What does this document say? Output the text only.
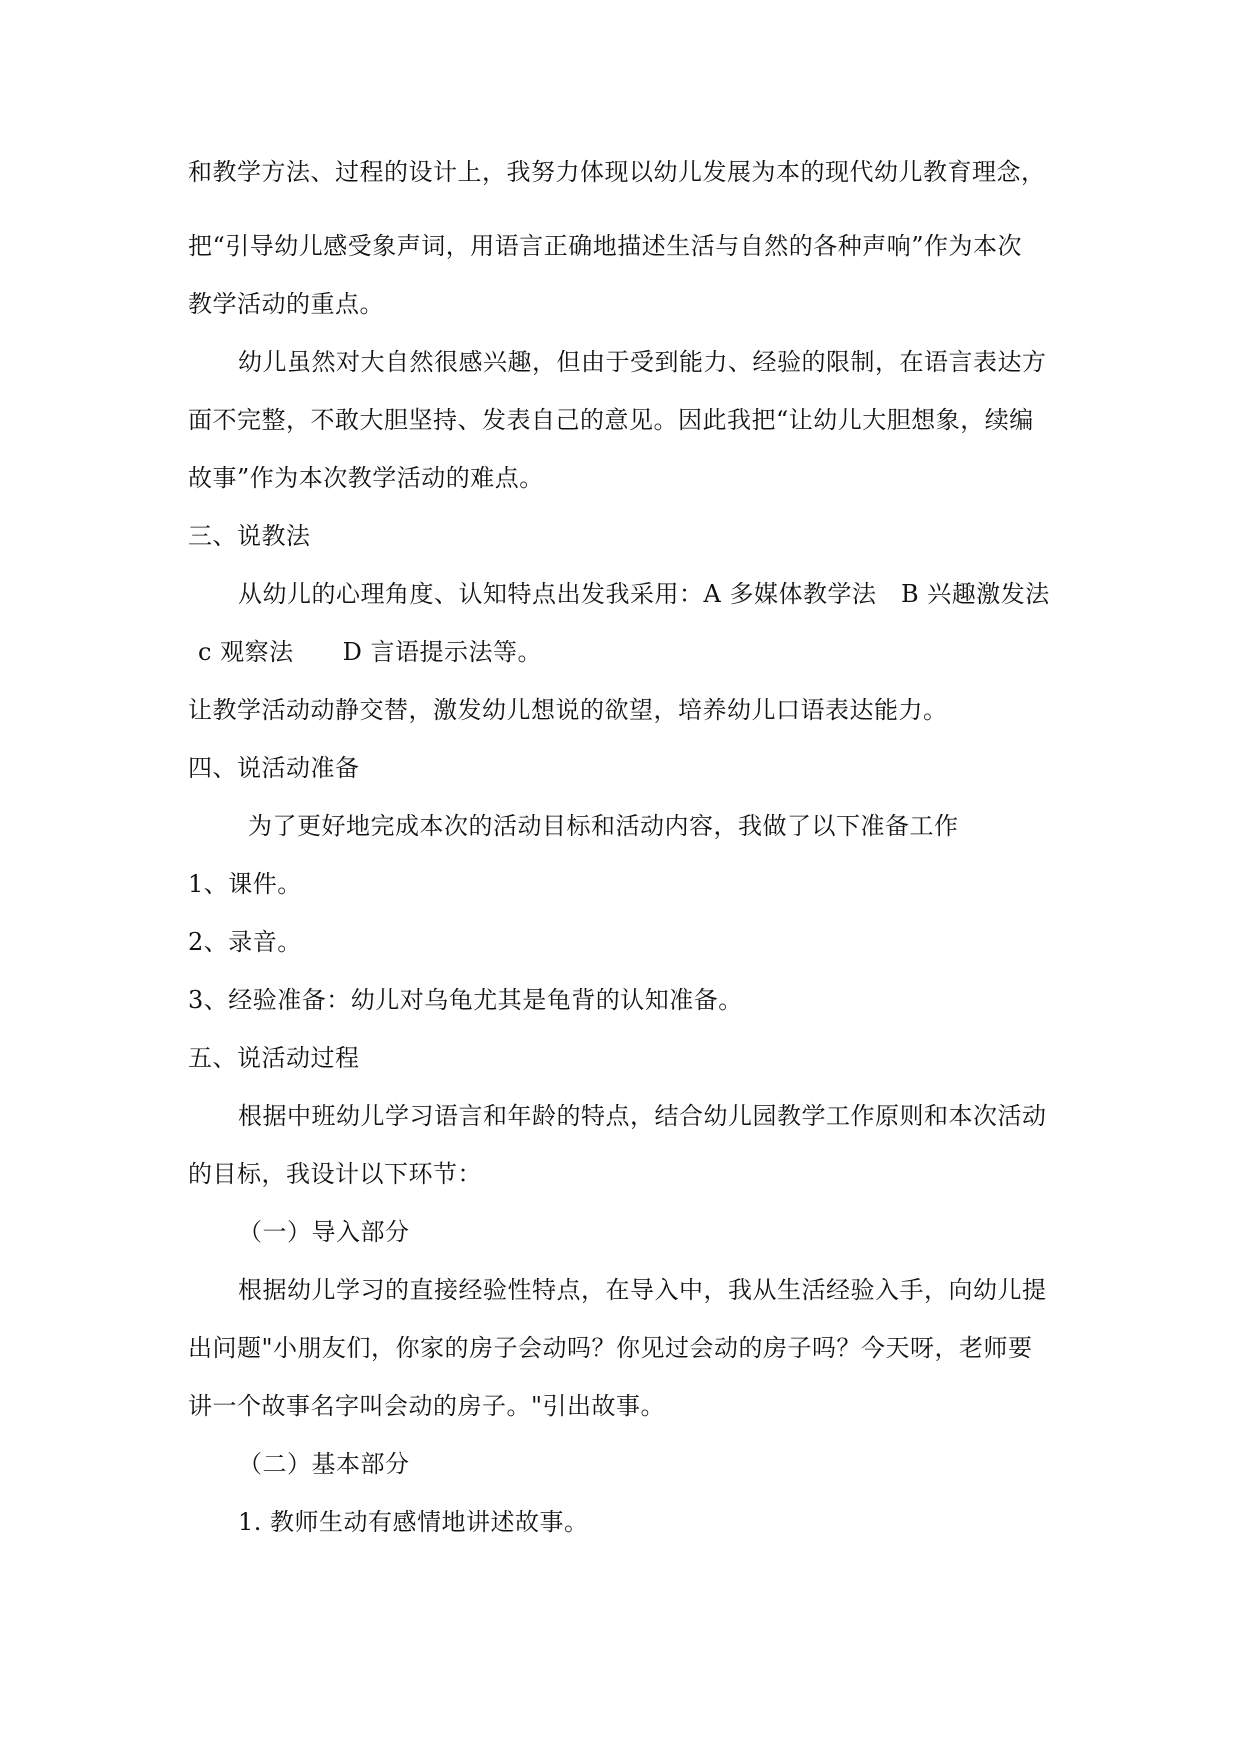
和教学方法、过程的设计上，我努力体现以幼儿发展为本的现代幼儿教育理念，
把“引导幼儿感受象声词，用语言正确地描述生活与自然的各种声响”作为本次
教学活动的重点。
幼儿虽然对大自然很感兴趣，但由于受到能力、经验的限制，在语言表达方
面不完整，不敢大胆坚持、发表自己的意见。因此我把“让幼儿大胆想象，续编
故事”作为本次教学活动的难点。
三、说教法
从幼儿的心理角度、认知特点出发我采用：A 多媒体教学法　B 兴趣激发法
c 观察法　　D 言语提示法等。
让教学活动动静交替，激发幼儿想说的欲望，培养幼儿口语表达能力。
四、说活动准备
为了更好地完成本次的活动目标和活动内容，我做了以下准备工作
1、课件。
2、录音。
3、经验准备：幼儿对乌龟尤其是龟背的认知准备。
五、说活动过程
根据中班幼儿学习语言和年龄的特点，结合幼儿园教学工作原则和本次活动
的目标，我设计以下环节：
（一）导入部分
根据幼儿学习的直接经验性特点，在导入中，我从生活经验入手，向幼儿提
出问题"小朋友们，你家的房子会动吗？你见过会动的房子吗？今天呀，老师要
讲一个故事名字叫会动的房子。"引出故事。
（二）基本部分
1. 教师生动有感情地讲述故事。
